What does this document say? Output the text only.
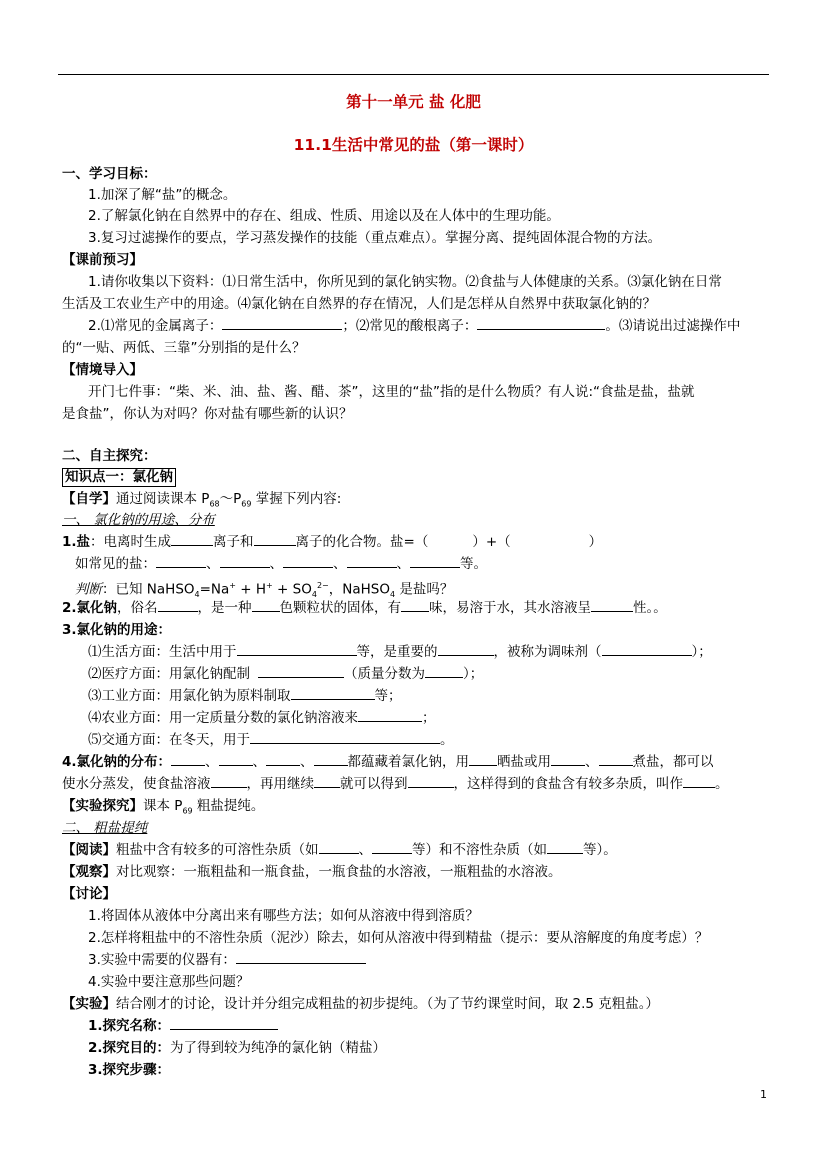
第十一单元 盐 化肥
11.1生活中常见的盐（第一课时）
一、学习目标：
1.加深了解“盐”的概念。
2.了解氯化钠在自然界中的存在、组成、性质、用途以及在人体中的生理功能。
3.复习过滤操作的要点，学习蒸发操作的技能（重点难点）。掌握分离、提纯固体混合物的方法。
【课前预习】
1.请你收集以下资料：⑴日常生活中，你所见到的氯化钠实物。⑵食盐与人体健康的关系。⑶氯化钠在日常
生活及工农业生产中的用途。⑷氯化钠在自然界的存在情况，人们是怎样从自然界中获取氯化钠的？
2.⑴常见的金属离子：	；⑵常见的酸根离子：	。⑶请说出过滤操作中
的“一贴、两低、三靠”分别指的是什么？
【情境导入】
开门七件事：“柴、米、油、盐、酱、醋、茶”，这里的“盐”指的是什么物质？有人说:“食盐是盐，盐就
是食盐”，你认为对吗？你对盐有哪些新的认识？
二、自主探究：
知识点一：氯化钠
【自学】通过阅读课本 $P_{68}\sim P_{69}$ 掌握下列内容:
一、 氯化钠的用途、分布
1.盐：电离时生成	离子和	离子的化合物。盐=（	）+（	）
如常见的盐：	、	、	、	、	等。
判断：已知 NaHSO$_4$=Na+ + $H^+ + SO_4^{2-}$，NaHSO$_4$ 是盐吗？
2.氯化钠，俗名	，是一种 色颗粒状的固体，有 味，易溶于水，其水溶液呈	性。。
3.氯化钠的用途：
⑴生活方面：生活中用于	等，是重要的	，被称为调味剂（	）；
⑵医疗方面：用氯化钠配制	（质量分数为	）；
⑶工业方面：用氯化钠为原料制取	等；
⑷农业方面：用一定质量分数的氯化钠溶液来	；
⑸交通方面：在冬天，用于	。
4.氯化钠的分布：	、	、	、	都蕴藏着氯化钠，用 晒盐或用	、	煮盐，都可以
使水分蒸发，使食盐溶液	，再用继续 就可以得到	，这样得到的食盐含有较多杂质，叫作 。
【实验探究】课本 $P_{69}$ 粗盐提纯。
二、 粗盐提纯
【阅读】粗盐中含有较多的可溶性杂质（如	、	等）和不溶性杂质（如	等）。
【观察】对比观察：一瓶粗盐和一瓶食盐，一瓶食盐的水溶液，一瓶粗盐的水溶液。
【讨论】
1.将固体从液体中分离出来有哪些方法；如何从溶液中得到溶质？
2.怎样将粗盐中的不溶性杂质（泥沙）除去，如何从溶液中得到精盐（提示：要从溶解度的角度考虑）？
3.实验中需要的仪器有：
4.实验中要注意那些问题？
【实验】结合刚才的讨论，设计并分组完成粗盐的初步提纯。（为了节约课堂时间，取 2.5 克粗盐。）
1.探究名称：
2.探究目的：为了得到较为纯净的氯化钠（精盐）
3.探究步骤：
1
